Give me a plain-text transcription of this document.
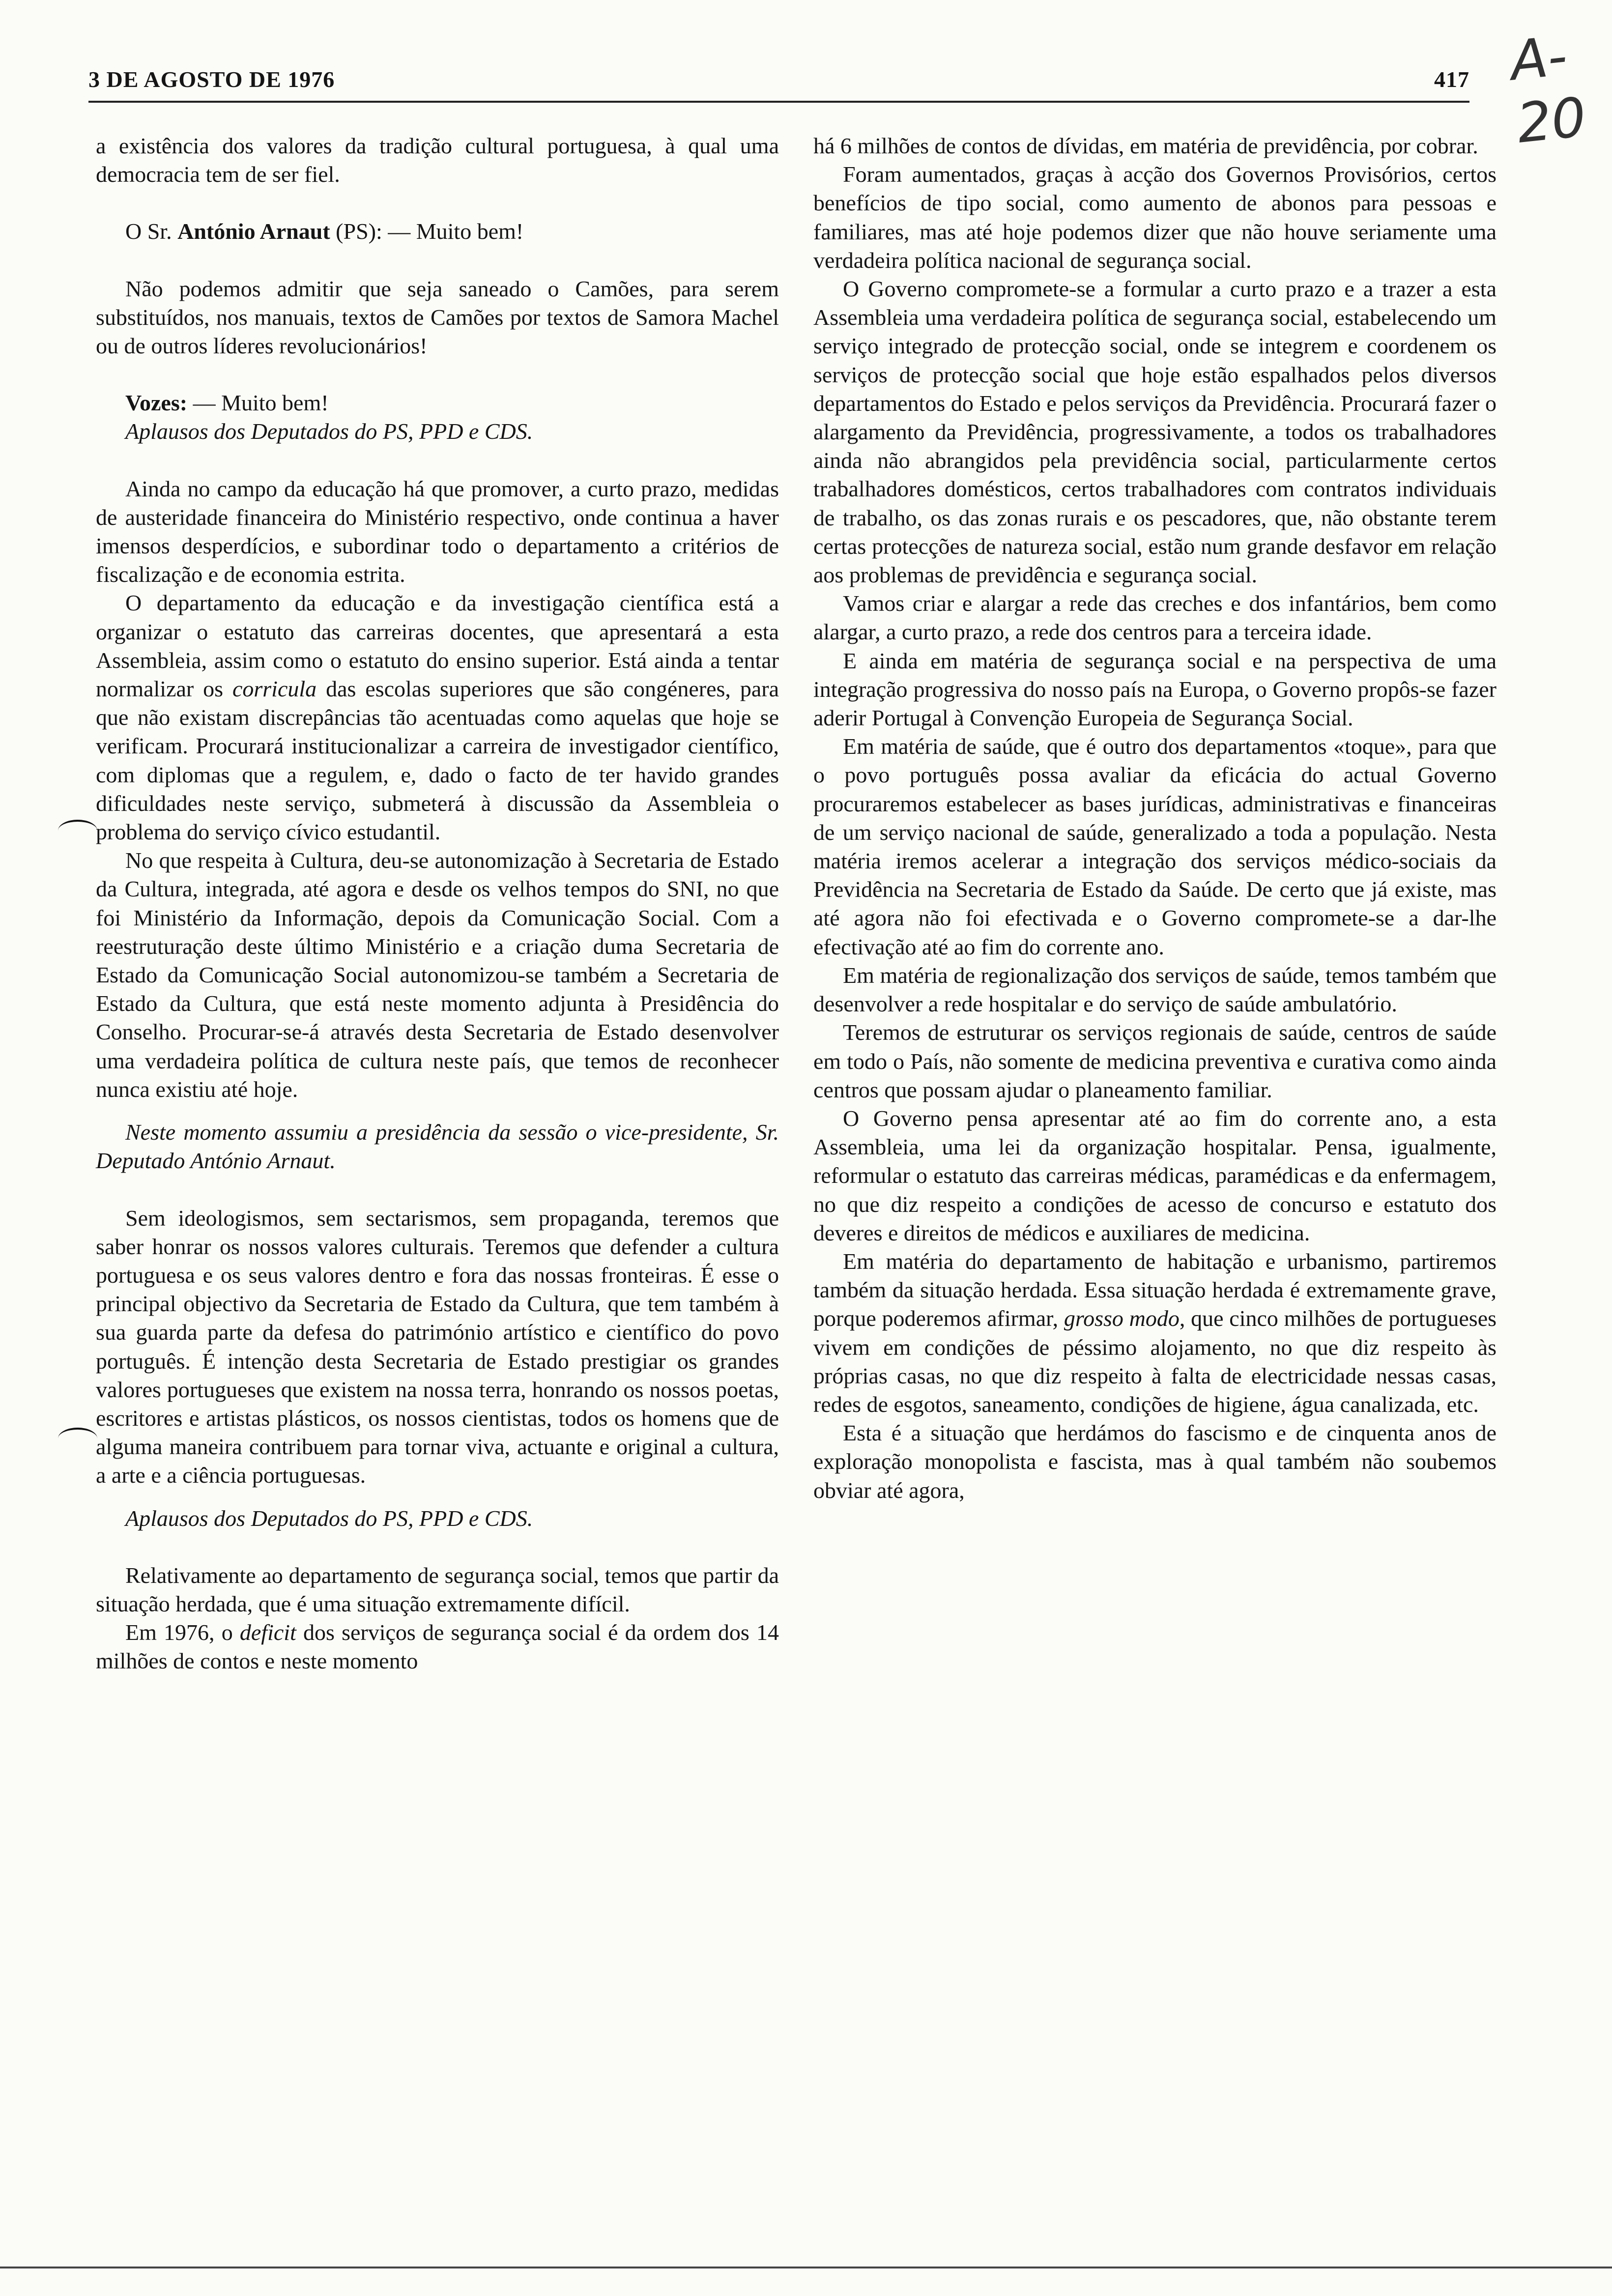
3 DE AGOSTO DE 1976	417 A-20

a existência dos valores da tradição cultural portuguesa, à qual uma democracia tem de ser fiel.

O Sr. António Arnaut (PS): — Muito bem!

Não podemos admitir que seja saneado o Camões, para serem substituídos, nos manuais, textos de Camões por textos de Samora Machel ou de outros líderes revolucionários!

Vozes: — Muito bem!

Aplausos dos Deputados do PS, PPD e CDS.

Ainda no campo da educação há que promover, a curto prazo, medidas de austeridade financeira do Ministério respectivo, onde continua a haver imensos desperdícios, e subordinar todo o departamento a critérios de fiscalização e de economia estrita.

O departamento da educação e da investigação científica está a organizar o estatuto das carreiras docentes, que apresentará a esta Assembleia, assim como o estatuto do ensino superior. Está ainda a tentar normalizar os corricula das escolas superiores que são congéneres, para que não existam discrepâncias tão acentuadas como aquelas que hoje se verificam. Procurará institucionalizar a carreira de investigador científico, com diplomas que a regulem, e, dado o facto de ter havido grandes dificuldades neste serviço, submeterá à discussão da Assembleia o problema do serviço cívico estudantil.

No que respeita à Cultura, deu-se autonomização à Secretaria de Estado da Cultura, integrada, até agora e desde os velhos tempos do SNI, no que foi Ministério da Informação, depois da Comunicação Social. Com a reestruturação deste último Ministério e a criação duma Secretaria de Estado da Comunicação Social autonomizou-se também a Secretaria de Estado da Cultura, que está neste momento adjunta à Presidência do Conselho. Procurar-se-á através desta Secretaria de Estado desenvolver uma verdadeira política de cultura neste país, que temos de reconhecer nunca existiu até hoje.

Neste momento assumiu a presidência da sessão o vice-presidente, Sr. Deputado António Arnaut.

Sem ideologismos, sem sectarismos, sem propaganda, teremos que saber honrar os nossos valores culturais. Teremos que defender a cultura portuguesa e os seus valores dentro e fora das nossas fronteiras. É esse o principal objectivo da Secretaria de Estado da Cultura, que tem também à sua guarda parte da defesa do património artístico e científico do povo português. É intenção desta Secretaria de Estado prestigiar os grandes valores portugueses que existem na nossa terra, honrando os nossos poetas, escritores e artistas plásticos, os nossos cientistas, todos os homens que de alguma maneira contribuem para tornar viva, actuante e original a cultura, a arte e a ciência portuguesas.

Aplausos dos Deputados do PS, PPD e CDS.

Relativamente ao departamento de segurança social, temos que partir da situação herdada, que é uma situação extremamente difícil.

Em 1976, o deficit dos serviços de segurança social é da ordem dos 14 milhões de contos e neste momento

há 6 milhões de contos de dívidas, em matéria de previdência, por cobrar.

Foram aumentados, graças à acção dos Governos Provisórios, certos benefícios de tipo social, como aumento de abonos para pessoas e familiares, mas até hoje podemos dizer que não houve seriamente uma verdadeira política nacional de segurança social.

O Governo compromete-se a formular a curto prazo e a trazer a esta Assembleia uma verdadeira política de segurança social, estabelecendo um serviço integrado de protecção social, onde se integrem e coordenem os serviços de protecção social que hoje estão espalhados pelos diversos departamentos do Estado e pelos serviços da Previdência. Procurará fazer o alargamento da Previdência, progressivamente, a todos os trabalhadores ainda não abrangidos pela previdência social, particularmente certos trabalhadores domésticos, certos trabalhadores com contratos individuais de trabalho, os das zonas rurais e os pescadores, que, não obstante terem certas protecções de natureza social, estão num grande desfavor em relação aos problemas de previdência e segurança social.

Vamos criar e alargar a rede das creches e dos infantários, bem como alargar, a curto prazo, a rede dos centros para a terceira idade.

E ainda em matéria de segurança social e na perspectiva de uma integração progressiva do nosso país na Europa, o Governo propôs-se fazer aderir Portugal à Convenção Europeia de Segurança Social.

Em matéria de saúde, que é outro dos departamentos «toque», para que o povo português possa avaliar da eficácia do actual Governo procuraremos estabelecer as bases jurídicas, administrativas e financeiras de um serviço nacional de saúde, generalizado a toda a população. Nesta matéria iremos acelerar a integração dos serviços médico-sociais da Previdência na Secretaria de Estado da Saúde. De certo que já existe, mas até agora não foi efectivada e o Governo compromete-se a dar-lhe efectivação até ao fim do corrente ano.

Em matéria de regionalização dos serviços de saúde, temos também que desenvolver a rede hospitalar e do serviço de saúde ambulatório.

Teremos de estruturar os serviços regionais de saúde, centros de saúde em todo o País, não somente de medicina preventiva e curativa como ainda centros que possam ajudar o planeamento familiar.

O Governo pensa apresentar até ao fim do corrente ano, a esta Assembleia, uma lei da organização hospitalar. Pensa, igualmente, reformular o estatuto das carreiras médicas, paramédicas e da enfermagem, no que diz respeito a condições de acesso de concurso e estatuto dos deveres e direitos de médicos e auxiliares de medicina.

Em matéria do departamento de habitação e urbanismo, partiremos também da situação herdada. Essa situação herdada é extremamente grave, porque poderemos afirmar, grosso modo, que cinco milhões de portugueses vivem em condições de péssimo alojamento, no que diz respeito às próprias casas, no que diz respeito à falta de electricidade nessas casas, redes de esgotos, saneamento, condições de higiene, água canalizada, etc.

Esta é a situação que herdámos do fascismo e de cinquenta anos de exploração monopolista e fascista, mas à qual também não soubemos obviar até agora,
